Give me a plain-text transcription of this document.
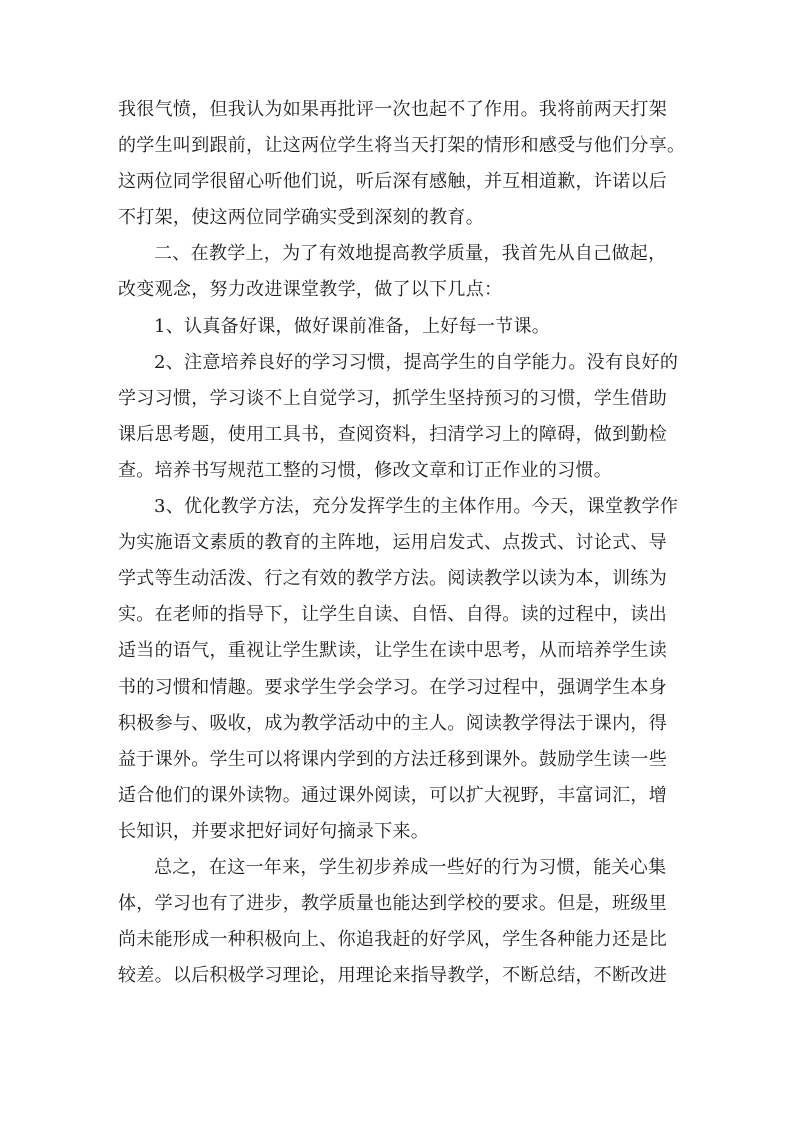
我很气愤，但我认为如果再批评一次也起不了作用。我将前两天打架
的学生叫到跟前，让这两位学生将当天打架的情形和感受与他们分享。
这两位同学很留心听他们说，听后深有感触，并互相道歉，许诺以后
不打架，使这两位同学确实受到深刻的教育。
二、在教学上，为了有效地提高教学质量，我首先从自己做起，
改变观念，努力改进课堂教学，做了以下几点：
1、认真备好课，做好课前准备，上好每一节课。
2、注意培养良好的学习习惯，提高学生的自学能力。没有良好的
学习习惯，学习谈不上自觉学习，抓学生坚持预习的习惯，学生借助
课后思考题，使用工具书，查阅资料，扫清学习上的障碍，做到勤检
查。培养书写规范工整的习惯，修改文章和订正作业的习惯。
3、优化教学方法，充分发挥学生的主体作用。今天，课堂教学作
为实施语文素质的教育的主阵地，运用启发式、点拨式、讨论式、导
学式等生动活泼、行之有效的教学方法。阅读教学以读为本，训练为
实。在老师的指导下，让学生自读、自悟、自得。读的过程中，读出
适当的语气，重视让学生默读，让学生在读中思考，从而培养学生读
书的习惯和情趣。要求学生学会学习。在学习过程中，强调学生本身
积极参与、吸收，成为教学活动中的主人。阅读教学得法于课内，得
益于课外。学生可以将课内学到的方法迁移到课外。鼓励学生读一些
适合他们的课外读物。通过课外阅读，可以扩大视野，丰富词汇，增
长知识，并要求把好词好句摘录下来。
总之，在这一年来，学生初步养成一些好的行为习惯，能关心集
体，学习也有了进步，教学质量也能达到学校的要求。但是，班级里
尚未能形成一种积极向上、你追我赶的好学风，学生各种能力还是比
较差。以后积极学习理论，用理论来指导教学，不断总结，不断改进
